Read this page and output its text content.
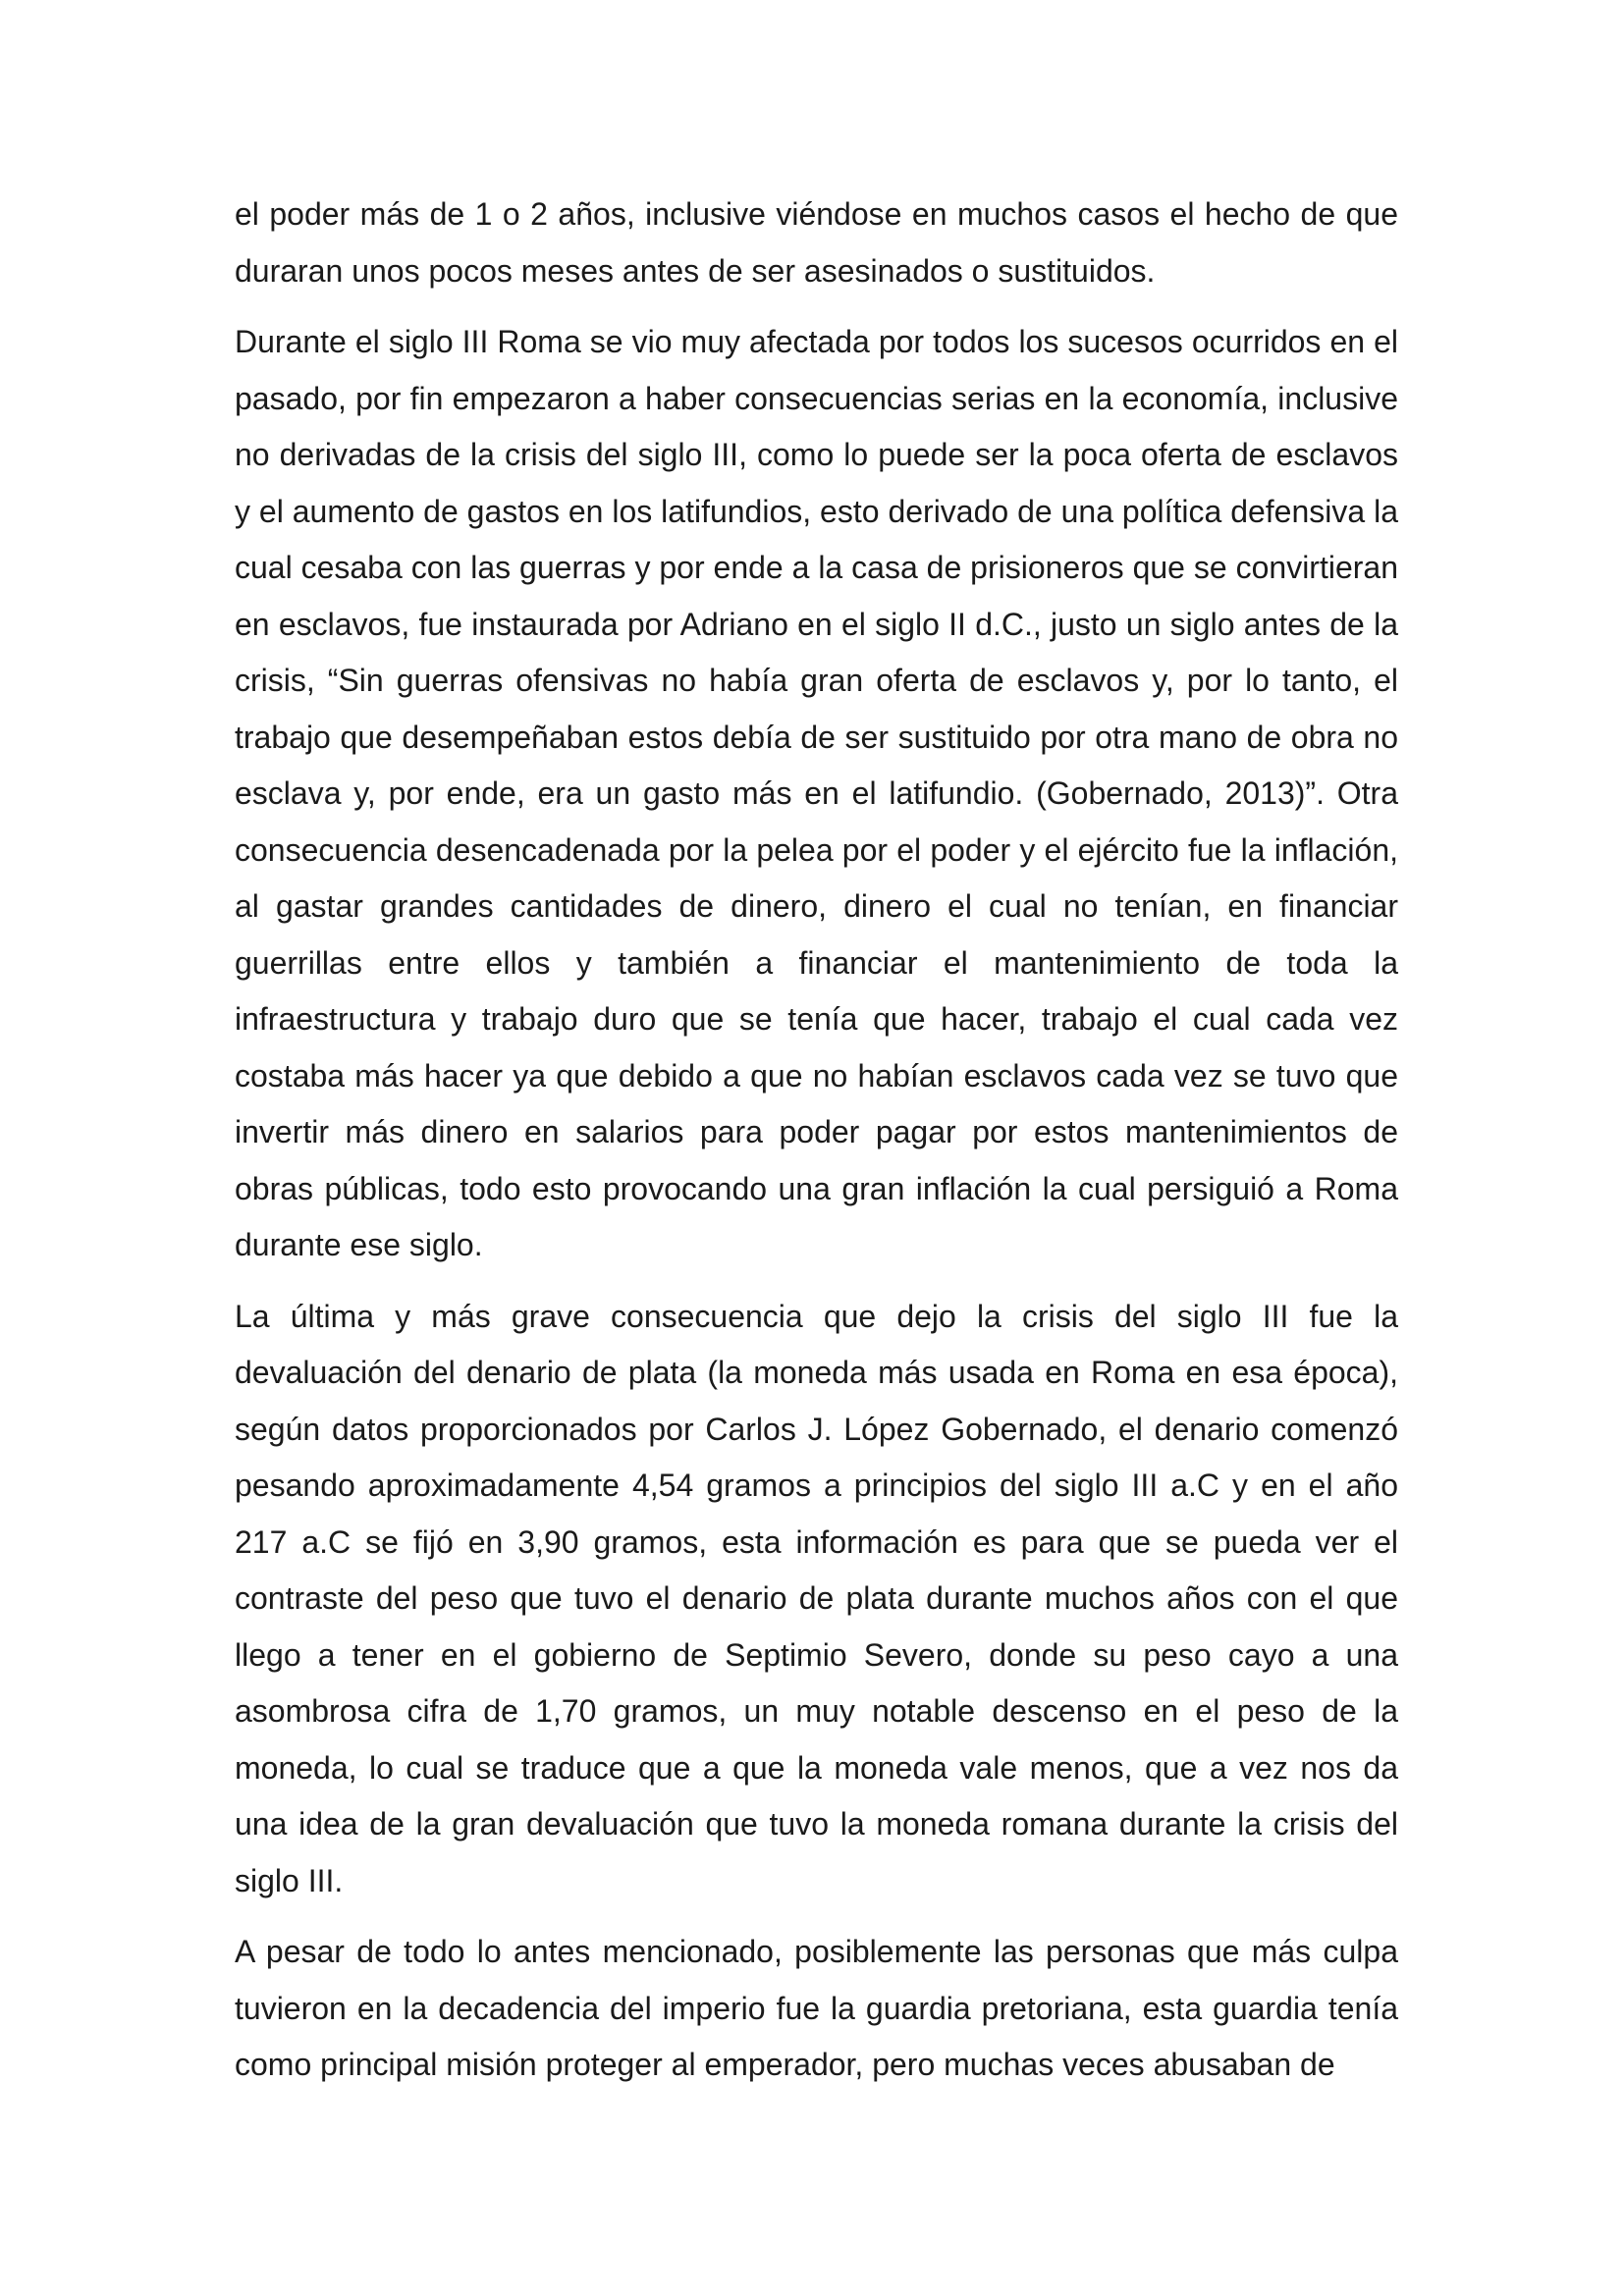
el poder más de 1 o 2 años, inclusive viéndose en muchos casos el hecho de que duraran unos pocos meses antes de ser asesinados o sustituidos.

Durante el siglo III Roma se vio muy afectada por todos los sucesos ocurridos en el pasado, por fin empezaron a haber consecuencias serias en la economía, inclusive no derivadas de la crisis del siglo III, como lo puede ser la poca oferta de esclavos y el aumento de gastos en los latifundios, esto derivado de una política defensiva la cual cesaba con las guerras y por ende a la casa de prisioneros que se convirtieran en esclavos, fue instaurada por Adriano en el siglo II d.C., justo un siglo antes de la crisis, “Sin guerras ofensivas no había gran oferta de esclavos y, por lo tanto, el trabajo que desempeñaban estos debía de ser sustituido por otra mano de obra no esclava y, por ende, era un gasto más en el latifundio. (Gobernado, 2013)”. Otra consecuencia desencadenada por la pelea por el poder y el ejército fue la inflación, al gastar grandes cantidades de dinero, dinero el cual no tenían, en financiar guerrillas entre ellos y también a financiar el mantenimiento de toda la infraestructura y trabajo duro que se tenía que hacer, trabajo el cual cada vez costaba más hacer ya que debido a que no habían esclavos cada vez se tuvo que invertir más dinero en salarios para poder pagar por estos mantenimientos de obras públicas, todo esto provocando una gran inflación la cual persiguió a Roma durante ese siglo.

La última y más grave consecuencia que dejo la crisis del siglo III fue la devaluación del denario de plata (la moneda más usada en Roma en esa época), según datos proporcionados por Carlos J. López Gobernado, el denario comenzó pesando aproximadamente 4,54 gramos a principios del siglo III a.C y en el año 217 a.C se fijó en 3,90 gramos, esta información es para que se pueda ver el contraste del peso que tuvo el denario de plata durante muchos años con el que llego a tener en el gobierno de Septimio Severo, donde su peso cayo a una asombrosa cifra de 1,70 gramos, un muy notable descenso en el peso de la moneda, lo cual se traduce que a que la moneda vale menos, que a vez nos da una idea de la gran devaluación que tuvo la moneda romana durante la crisis del siglo III.

A pesar de todo lo antes mencionado, posiblemente las personas que más culpa tuvieron en la decadencia del imperio fue la guardia pretoriana, esta guardia tenía como principal misión proteger al emperador, pero muchas veces abusaban de
